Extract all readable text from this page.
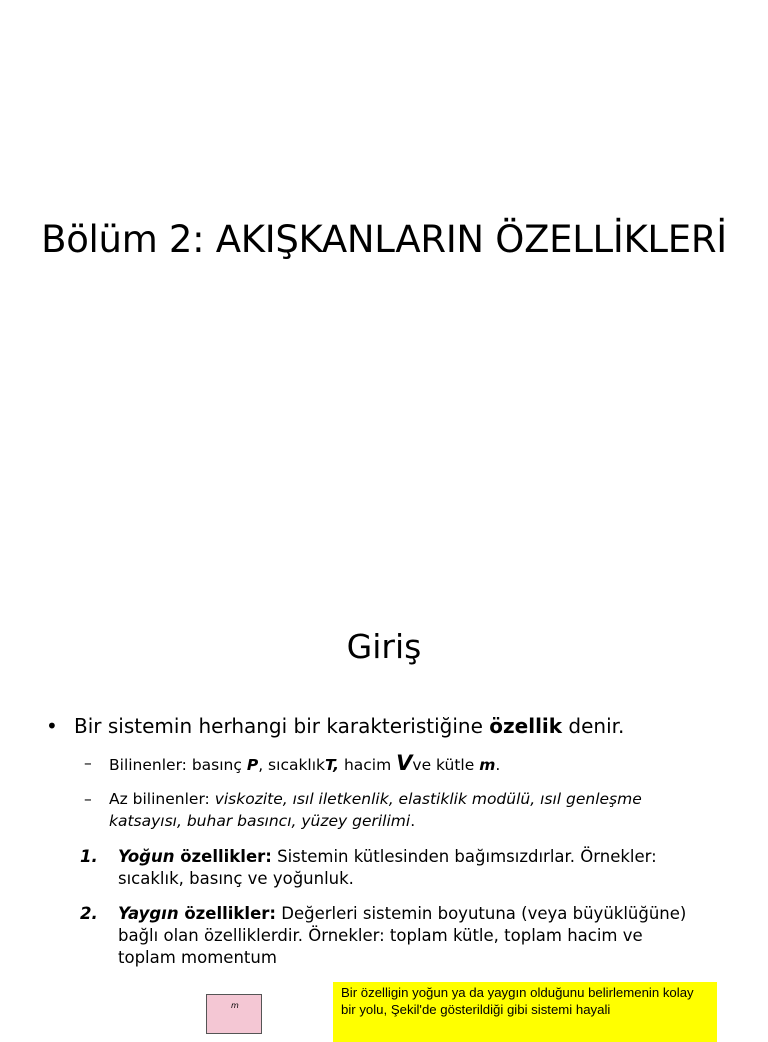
Bölüm 2: AKIŞKANLARIN ÖZELLİKLERİ
Giriş
• Bir sistemin herhangi bir karakteristiğine özellik denir.
– Bilinenler: basınç P, sıcaklıkT, hacim Vve kütle m.
– Az bilinenler: viskozite, ısıl iletkenlik, elastiklik modülü, ısıl genleşme katsayısı, buhar basıncı, yüzey gerilimi.
1. Yoğun özellikler: Sistemin kütlesinden bağımsızdırlar. Örnekler: sıcaklık, basınç ve yoğunluk.
2. Yaygın özellikler: Değerleri sistemin boyutuna (veya büyüklüğüne) bağlı olan özelliklerdir. Örnekler: toplam kütle, toplam hacim ve toplam momentum
m
Bir özelligin yoğun ya da yaygın olduğunu belirlemenin kolay bir yolu, Şekil'de gösterildiği gibi sistemi hayali
